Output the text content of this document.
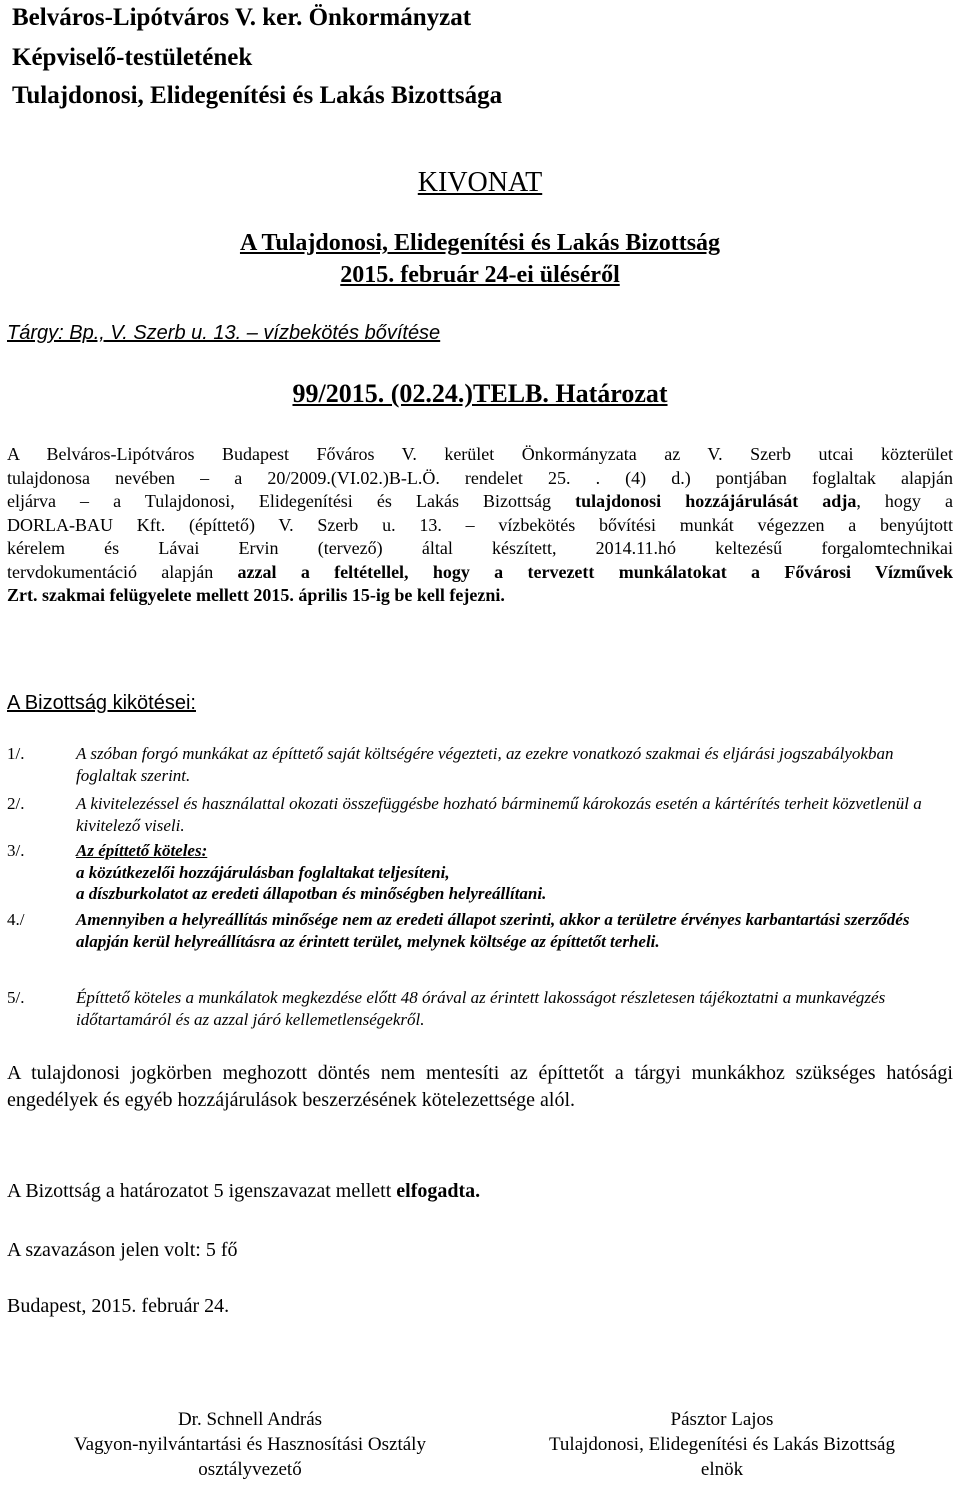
Belváros-Lipótváros V. ker. Önkormányzat
Képviselő-testületének
Tulajdonosi, Elidegenítési és Lakás Bizottsága
KIVONAT
A Tulajdonosi, Elidegenítési és Lakás Bizottság
2015. február 24-ei üléséről
Tárgy: Bp., V. Szerb u. 13. – vízbekötés bővítése
99/2015. (02.24.)TELB. Határozat
A Belváros-Lipótváros Budapest Főváros V. kerület Önkormányzata az V. Szerb utcai közterület
tulajdonosa nevében – a 20/2009.(VI.02.)B-L.Ö. rendelet 25. . (4) d.) pontjában foglaltak alapján
eljárva – a Tulajdonosi, Elidegenítési és Lakás Bizottság tulajdonosi hozzájárulását adja, hogy a
DORLA-BAU Kft. (építtető) V. Szerb u. 13. – vízbekötés bővítési munkát végezzen a benyújtott
kérelem és Lávai Ervin (tervező) által készített, 2014.11.hó keltezésű forgalomtechnikai
tervdokumentáció alapján azzal a feltétellel, hogy a tervezett munkálatokat a Fővárosi Vízművek
Zrt. szakmai felügyelete mellett 2015. április 15-ig be kell fejezni.
A Bizottság kikötései:
1/.	A szóban forgó munkákat az építtető saját költségére végezteti, az ezekre vonatkozó szakmai és eljárási jogszabályokban foglaltak szerint.
2/.	A kivitelezéssel és használattal okozati összefüggésbe hozható bárminemű károkozás esetén a kártérítés terheit közvetlenül a kivitelező viseli.
3/.	Az építtető köteles:
a közútkezelői hozzájárulásban foglaltakat teljesíteni,
a díszburkolatot az eredeti állapotban és minőségben helyreállítani.
4./	Amennyiben a helyreállítás minősége nem az eredeti állapot szerinti, akkor a területre érvényes karbantartási szerződés alapján kerül helyreállításra az érintett terület, melynek költsége az építtetőt terheli.
5/.	Építtető köteles a munkálatok megkezdése előtt 48 órával az érintett lakosságot részletesen tájékoztatni a munkavégzés időtartamáról és az azzal járó kellemetlenségekről.
A tulajdonosi jogkörben meghozott döntés nem mentesíti az építtetőt a tárgyi munkákhoz szükséges hatósági engedélyek és egyéb hozzájárulások beszerzésének kötelezettsége alól.
A Bizottság a határozatot 5 igenszavazat mellett elfogadta.
A szavazáson jelen volt: 5 fő
Budapest, 2015. február 24.
Dr. Schnell András
Vagyon-nyilvántartási és Hasznosítási Osztály
osztályvezető
Pásztor Lajos
Tulajdonosi, Elidegenítési és Lakás Bizottság
elnök
